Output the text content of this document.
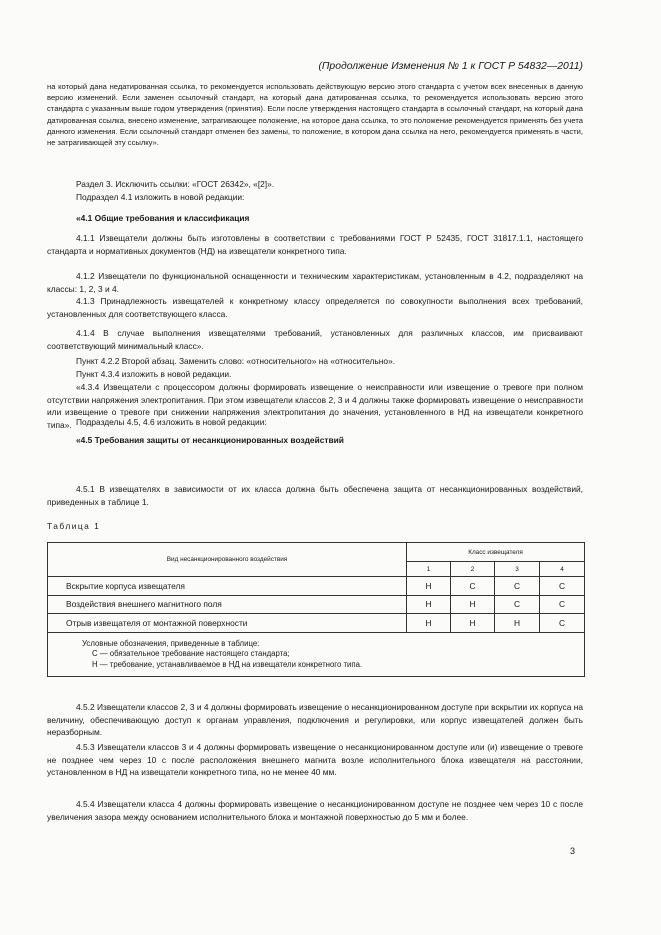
(Продолжение Изменения № 1 к ГОСТ Р 54832—2011)

на который дана недатированная ссылка, то рекомендуется использовать действующую версию этого стандарта с учетом всех внесенных в данную версию изменений. Если заменен ссылочный стандарт, на который дана датированная ссылка, то рекомендуется использовать версию этого стандарта с указанным выше годом утверждения (принятия). Если после утверждения настоящего стандарта в ссылочный стандарт, на который дана датированная ссылка, внесено изменение, затрагивающее положение, на которое дана ссылка, то это положение рекомендуется применять без учета данного изменения. Если ссылочный стандарт отменен без замены, то положение, в котором дана ссылка на него, рекомендуется применять в части, не затрагивающей эту ссылку».

Раздел 3. Исключить ссылки: «ГОСТ 26342», «[2]».

Подраздел 4.1 изложить в новой редакции:

«4.1 Общие требования и классификация

4.1.1 Извещатели должны быть изготовлены в соответствии с требованиями ГОСТ Р 52435, ГОСТ 31817.1.1, настоящего стандарта и нормативных документов (НД) на извещатели конкретного типа.

4.1.2 Извещатели по функциональной оснащенности и техническим характеристикам, установленным в 4.2, подразделяют на классы: 1, 2, 3 и 4.

4.1.3 Принадлежность извещателей к конкретному классу определяется по совокупности выполнения всех требований, установленных для соответствующего класса.

4.1.4 В случае выполнения извещателями требований, установленных для различных классов, им присваивают соответствующий минимальный класс».

Пункт 4.2.2 Второй абзац. Заменить слово: «относительного» на «относительно».

Пункт 4.3.4 изложить в новой редакции.

«4.3.4 Извещатели с процессором должны формировать извещение о неисправности или извещение о тревоге при полном отсутствии напряжения электропитания. При этом извещатели классов 2, 3 и 4 должны также формировать извещение о неисправности или извещение о тревоге при снижении напряжения электропитания до значения, установленного в НД на извещатели конкретного типа». Подразделы 4.5, 4.6 изложить в новой редакции:

«4.5 Требования защиты от несанкционированных воздействий

4.5.1 В извещателях в зависимости от их класса должна быть обеспечена защита от несанкционированных воздействий, приведенных в таблице 1.

Таблица 1
Вид несанкционированного воздействия	Класс извещателя			
	1	2	3	4
Вскрытие корпуса извещателя	Н	С	С	С
Воздействия внешнего магнитного поля	Н	Н	С	С
Отрыв извещателя от монтажной поверхности	Н	Н	Н	С

Условные обозначения, приведенные в таблице:
С — обязательное требование настоящего стандарта;
Н — требование, устанавливаемое в НД на извещатели конкретного типа.				

4.5.2 Извещатели классов 2, 3 и 4 должны формировать извещение о несанкционированном доступе при вскрытии их корпуса на величину, обеспечивающую доступ к органам управления, подключения и регулировки, или корпус извещателей должен быть неразборным.

4.5.3 Извещатели классов 3 и 4 должны формировать извещение о несанкционированном доступе или (и) извещение о тревоге не позднее чем через 10 с после расположения внешнего магнита возле исполнительного блока извещателя на расстоянии, установленном в НД на извещатели конкретного типа, но не менее 40 мм.

4.5.4 Извещатели класса 4 должны формировать извещение о несанкционированном доступе не позднее чем через 10 с после увеличения зазора между основанием исполнительного блока и монтажной поверхностью до 5 мм и более.

3
